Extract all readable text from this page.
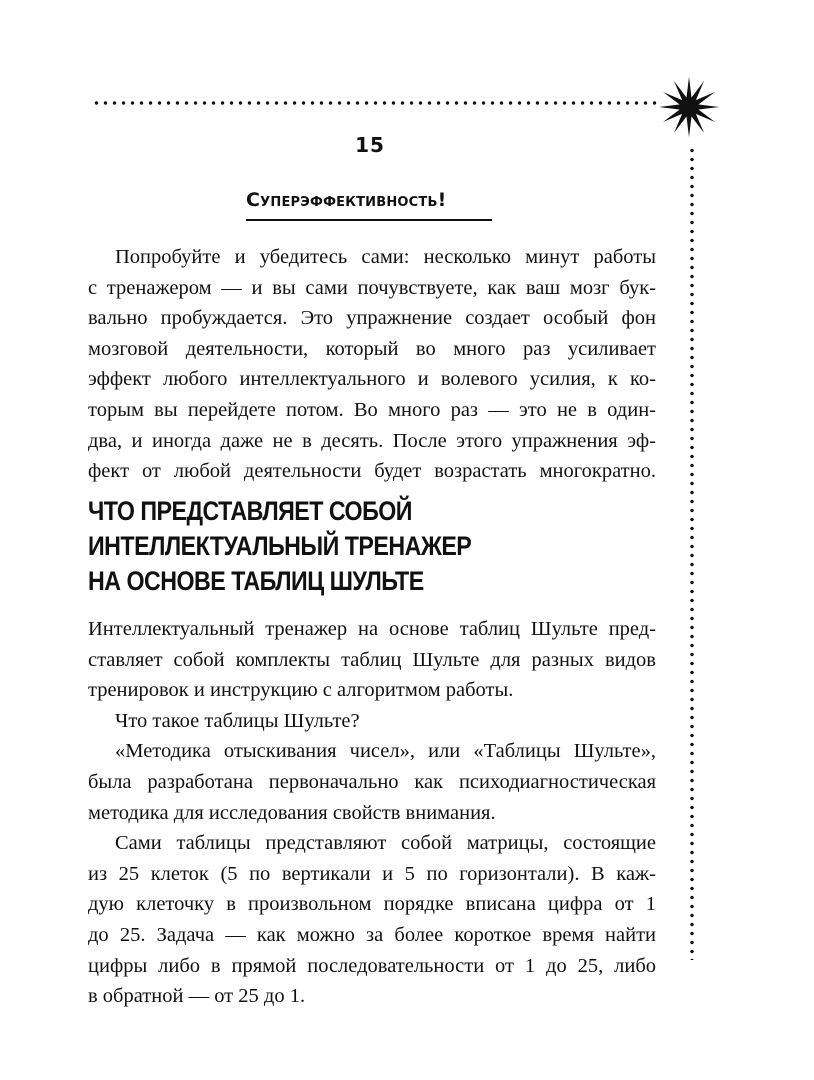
15
Суперэффективность!

Попробуйте и убедитесь сами: несколько минут работы
с тренажером — и вы сами почувствуете, как ваш мозг бук-
вально пробуждается. Это упражнение создает особый фон
мозговой деятельности, который во много раз усиливает
эффект любого интеллектуального и волевого усилия, к ко-
торым вы перейдете потом. Во много раз — это не в один-
два, и иногда даже не в десять. После этого упражнения эф-
фект от любой деятельности будет возрастать многократно.

ЧТО ПРЕДСТАВЛЯЕТ СОБОЙ
ИНТЕЛЛЕКТУАЛЬНЫЙ ТРЕНАЖЕР
НА ОСНОВЕ ТАБЛИЦ ШУЛЬТЕ

Интеллектуальный тренажер на основе таблиц Шульте пред-
ставляет собой комплекты таблиц Шульте для разных видов
тренировок и инструкцию с алгоритмом работы.
Что такое таблицы Шульте?
«Методика отыскивания чисел», или «Таблицы Шульте»,
была разработана первоначально как психодиагностическая
методика для исследования свойств внимания.
Сами таблицы представляют собой матрицы, состоящие
из 25 клеток (5 по вертикали и 5 по горизонтали). В каж-
дую клеточку в произвольном порядке вписана цифра от 1
до 25. Задача — как можно за более короткое время найти
цифры либо в прямой последовательности от 1 до 25, либо
в обратной — от 25 до 1.
